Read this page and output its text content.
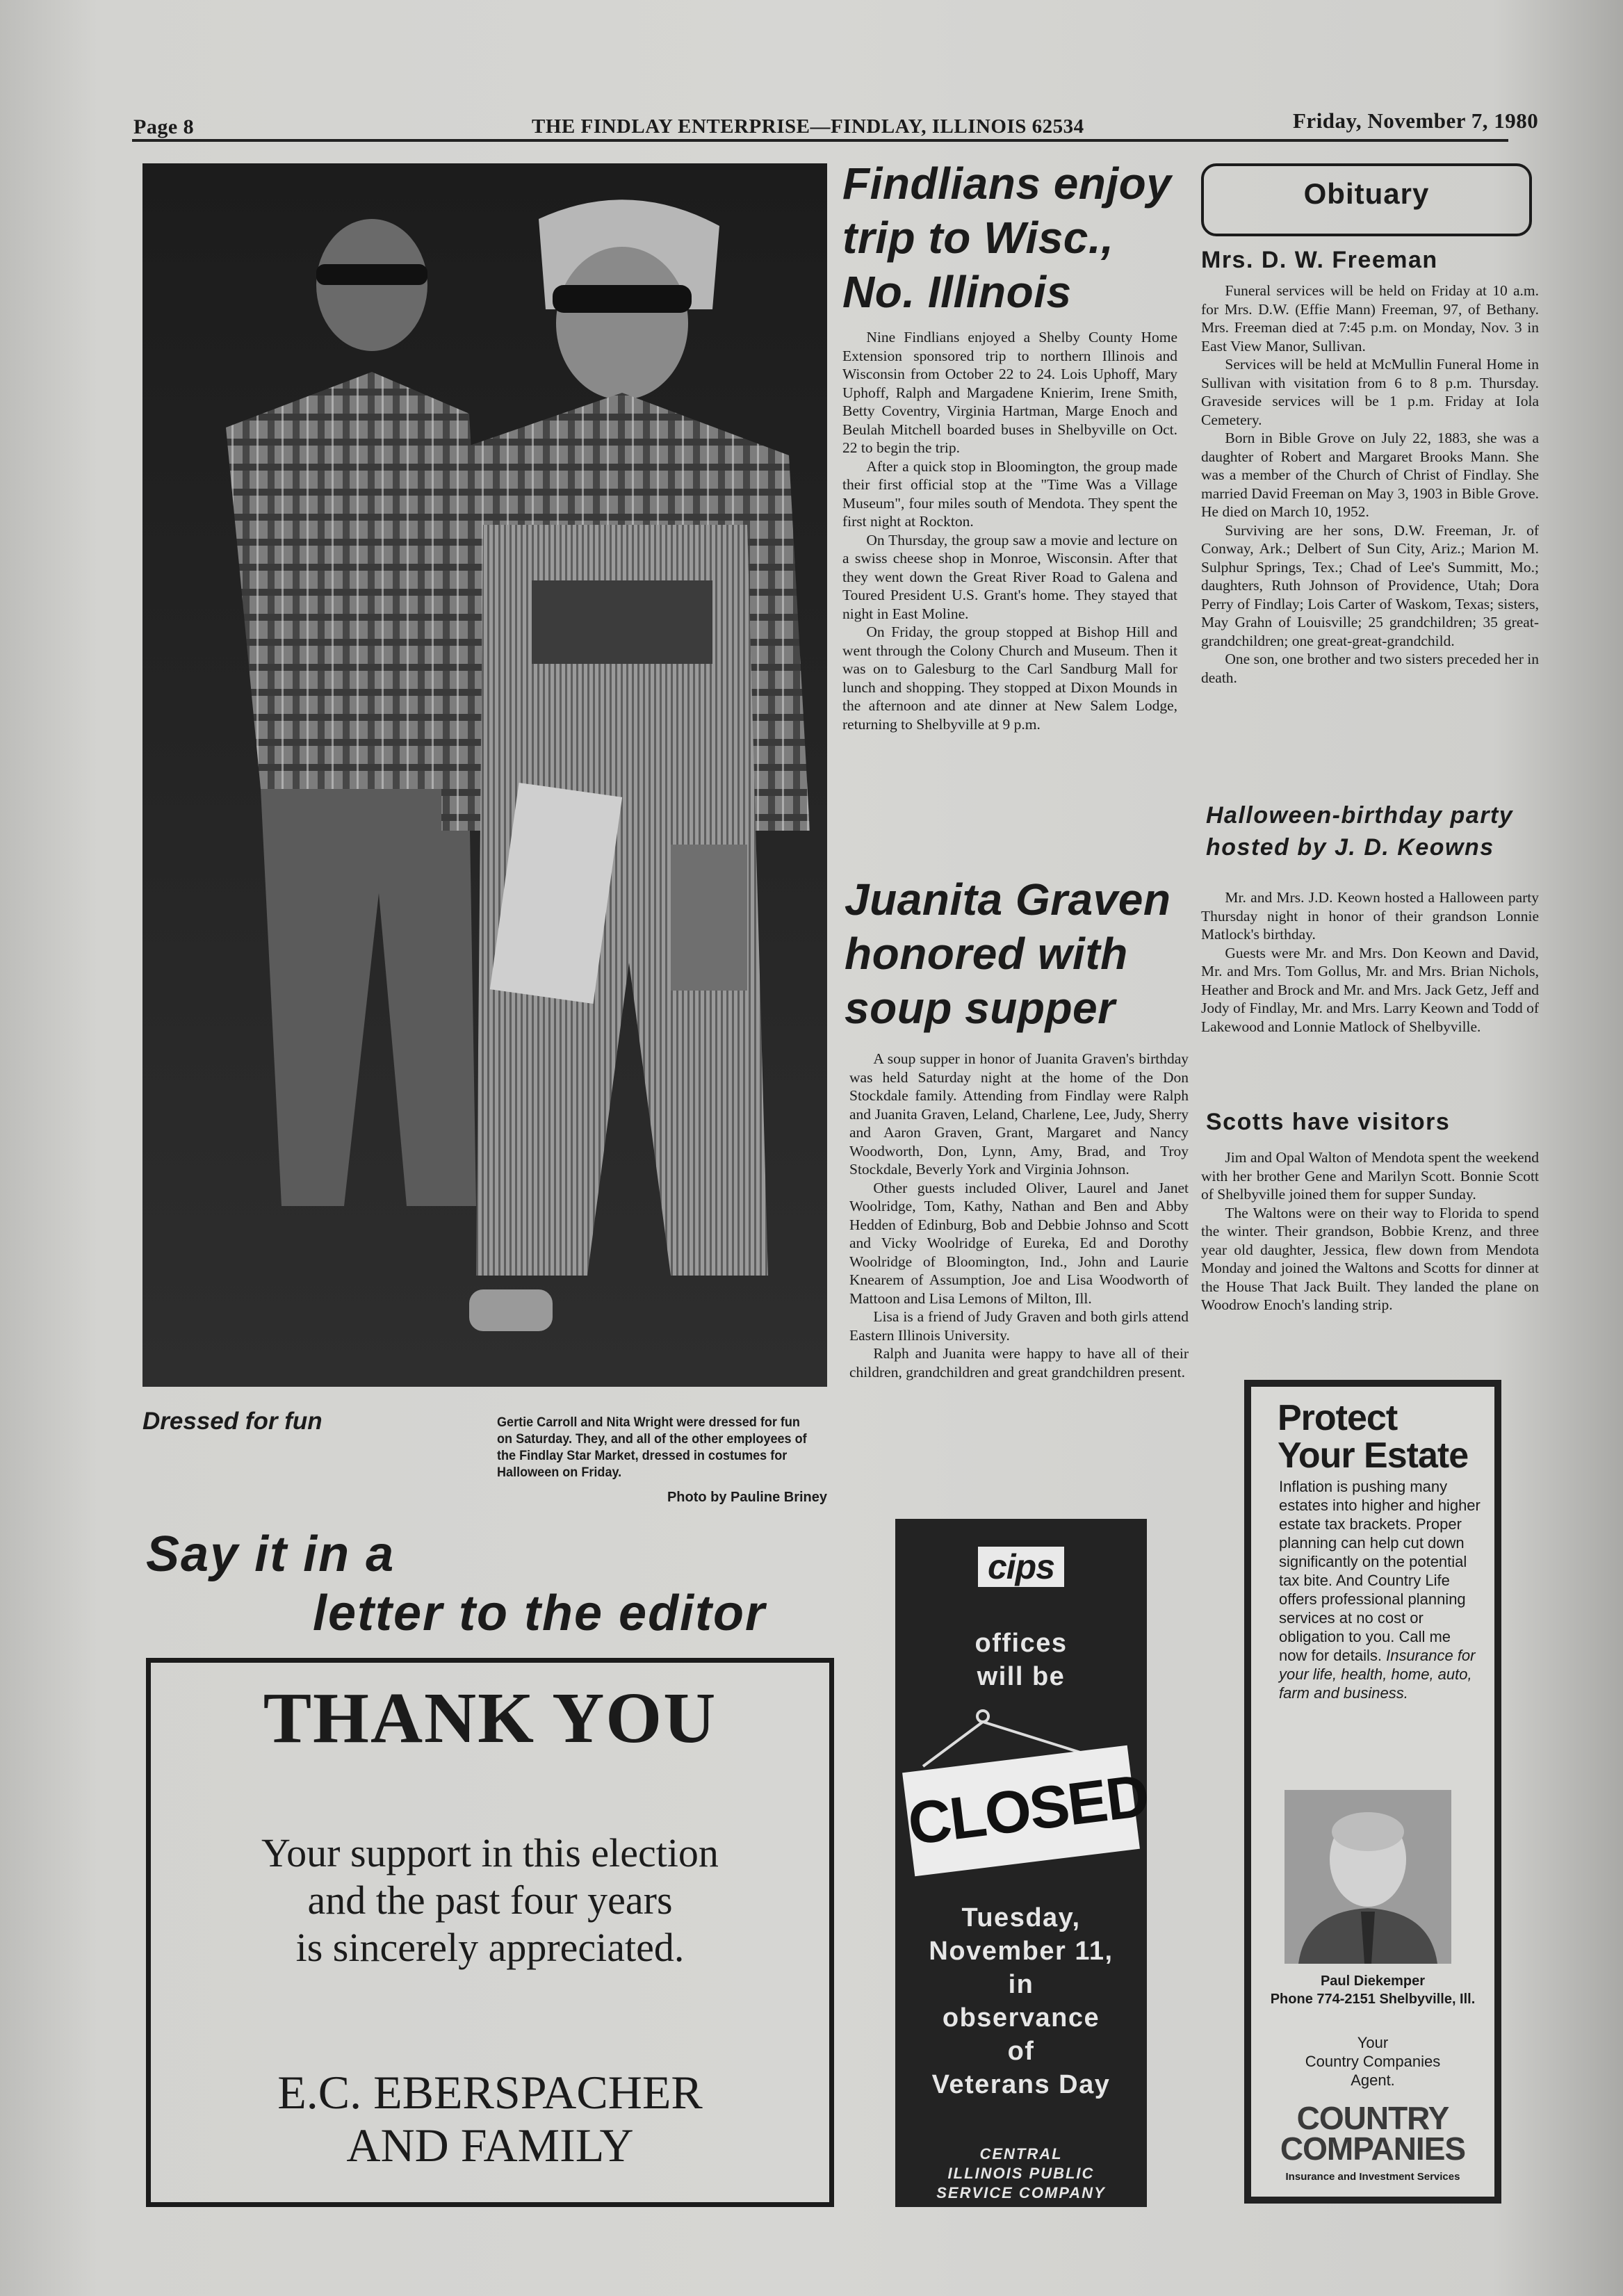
Page 8	THE FINDLAY ENTERPRISE—FINDLAY, ILLINOIS 62534	Friday, November 7, 1980
Dressed for fun	Gertie Carroll and Nita Wright were dressed for fun on Saturday. They, and all of the other employees of the Findlay Star Market, dressed in costumes for Halloween on Friday.
Photo by Pauline Briney
Findlians enjoy
trip to Wisc.,
No. Illinois

Nine Findlians enjoyed a Shelby County Home Extension sponsored trip to northern Illinois and Wisconsin from October 22 to 24. Lois Uphoff, Mary Uphoff, Ralph and Margadene Knierim, Irene Smith, Betty Coventry, Virginia Hartman, Marge Enoch and Beulah Mitchell boarded buses in Shelbyville on Oct. 22 to begin the trip.

After a quick stop in Bloomington, the group made their first official stop at the "Time Was a Village Museum", four miles south of Mendota. They spent the first night at Rockton.

On Thursday, the group saw a movie and lecture on a swiss cheese shop in Monroe, Wisconsin. After that they went down the Great River Road to Galena and Toured President U.S. Grant's home. They stayed that night in East Moline.

On Friday, the group stopped at Bishop Hill and went through the Colony Church and Museum. Then it was on to Galesburg to the Carl Sandburg Mall for lunch and shopping. They stopped at Dixon Mounds in the afternoon and ate dinner at New Salem Lodge, returning to Shelbyville at 9 p.m.

Juanita Graven
honored with
soup supper

A soup supper in honor of Juanita Graven's birthday was held Saturday night at the home of the Don Stockdale family. Attending from Findlay were Ralph and Juanita Graven, Leland, Charlene, Lee, Judy, Sherry and Aaron Graven, Grant, Margaret and Nancy Woodworth, Don, Lynn, Amy, Brad, and Troy Stockdale, Beverly York and Virginia Johnson.

Other guests included Oliver, Laurel and Janet Woolridge, Tom, Kathy, Nathan and Ben and Abby Hedden of Edinburg, Bob and Debbie Johnso and Scott and Vicky Woolridge of Eureka, Ed and Dorothy Woolridge of Bloomington, Ind., John and Laurie Knearem of Assumption, Joe and Lisa Woodworth of Mattoon and Lisa Lemons of Milton, Ill.

Lisa is a friend of Judy Graven and both girls attend Eastern Illinois University.

Ralph and Juanita were happy to have all of their children, grandchildren and great grandchildren present.

Obituary
Mrs. D. W. Freeman

Funeral services will be held on Friday at 10 a.m. for Mrs. D.W. (Effie Mann) Freeman, 97, of Bethany. Mrs. Freeman died at 7:45 p.m. on Monday, Nov. 3 in East View Manor, Sullivan.

Services will be held at McMullin Funeral Home in Sullivan with visitation from 6 to 8 p.m. Thursday. Graveside services will be 1 p.m. Friday at Iola Cemetery.

Born in Bible Grove on July 22, 1883, she was a daughter of Robert and Margaret Brooks Mann. She was a member of the Church of Christ of Findlay. She married David Freeman on May 3, 1903 in Bible Grove. He died on March 10, 1952.

Surviving are her sons, D.W. Freeman, Jr. of Conway, Ark.; Delbert of Sun City, Ariz.; Marion M. Sulphur Springs, Tex.; Chad of Lee's Summitt, Mo.; daughters, Ruth Johnson of Providence, Utah; Dora Perry of Findlay; Lois Carter of Waskom, Texas; sisters, May Grahn of Louisville; 25 grandchildren; 35 great-grandchildren; one great-great-grandchild.

One son, one brother and two sisters preceded her in death.

Halloween-birthday party
hosted by J. D. Keowns

Mr. and Mrs. J.D. Keown hosted a Halloween party Thursday night in honor of their grandson Lonnie Matlock's birthday.

Guests were Mr. and Mrs. Don Keown and David, Mr. and Mrs. Tom Gollus, Mr. and Mrs. Brian Nichols, Heather and Brock and Mr. and Mrs. Jack Getz, Jeff and Jody of Findlay, Mr. and Mrs. Larry Keown and Todd of Lakewood and Lonnie Matlock of Shelbyville.

Scotts have visitors

Jim and Opal Walton of Mendota spent the weekend with her brother Gene and Marilyn Scott. Bonnie Scott of Shelbyville joined them for supper Sunday.

The Waltons were on their way to Florida to spend the winter. Their grandson, Bobbie Krenz, and three year old daughter, Jessica, flew down from Mendota Monday and joined the Waltons and Scotts for dinner at the House That Jack Built. They landed the plane on Woodrow Enoch's landing strip.

Say it in a
letter to the editor
THANK YOU
Your support in this election
and the past four years
is sincerely appreciated.
E.C. EBERSPACHER
AND FAMILY
cips
offices
will be
CLOSED
Tuesday,
November 11,
in
observance
of
Veterans Day
CENTRAL
ILLINOIS PUBLIC
SERVICE COMPANY
Protect
Your Estate
Inflation is pushing many estates into higher and higher estate tax brackets. Proper planning can help cut down significantly on the potential tax bite. And Country Life offers professional planning services at no cost or obligation to you. Call me now for details. Insurance for your life, health, home, auto, farm and business.
Paul Diekemper
Phone 774-2151 Shelbyville, Ill.
Your
Country Companies
Agent.
COUNTRY
COMPANIES
Insurance and Investment Services
